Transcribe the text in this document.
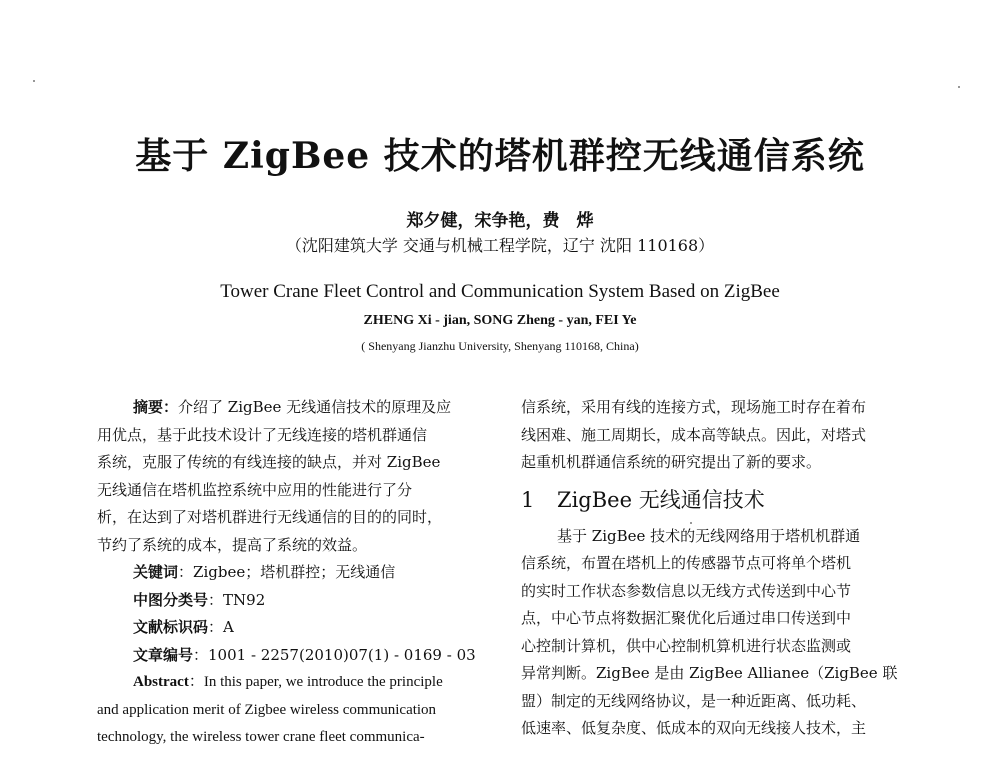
基于 ZigBee 技术的塔机群控无线通信系统
郑夕健，宋争艳，费　烨
（沈阳建筑大学 交通与机械工程学院，辽宁 沈阳 110168）
Tower Crane Fleet Control and Communication System Based on ZigBee
ZHENG Xi - jian, SONG Zheng - yan, FEI Ye
( Shenyang Jianzhu University, Shenyang 110168, China)
摘要：介绍了 ZigBee 无线通信技术的原理及应
用优点，基于此技术设计了无线连接的塔机群通信
系统，克服了传统的有线连接的缺点，并对 ZigBee
无线通信在塔机监控系统中应用的性能进行了分
析，在达到了对塔机群进行无线通信的目的的同时，
节约了系统的成本，提高了系统的效益。
关键词：Zigbee；塔机群控；无线通信
中图分类号：TN92
文献标识码：A
文章编号：1001 - 2257(2010)07(1) - 0169 - 03
Abstract：In this paper, we introduce the principle
and application merit of Zigbee wireless communication
technology, the wireless tower crane fleet communica-
信系统，采用有线的连接方式，现场施工时存在着布
线困难、施工周期长，成本高等缺点。因此，对塔式
起重机机群通信系统的研究提出了新的要求。
1 ZigBee 无线通信技术
基于 ZigBee 技术的无线网络用于塔机机群通
信系统，布置在塔机上的传感器节点可将单个塔机
的实时工作状态参数信息以无线方式传送到中心节
点，中心节点将数据汇聚优化后通过串口传送到中
心控制计算机，供中心控制机算机进行状态监测或
异常判断。ZigBee 是由 ZigBee Allianee（ZigBee 联
盟）制定的无线网络协议，是一种近距离、低功耗、
低速率、低复杂度、低成本的双向无线接人技术，主
